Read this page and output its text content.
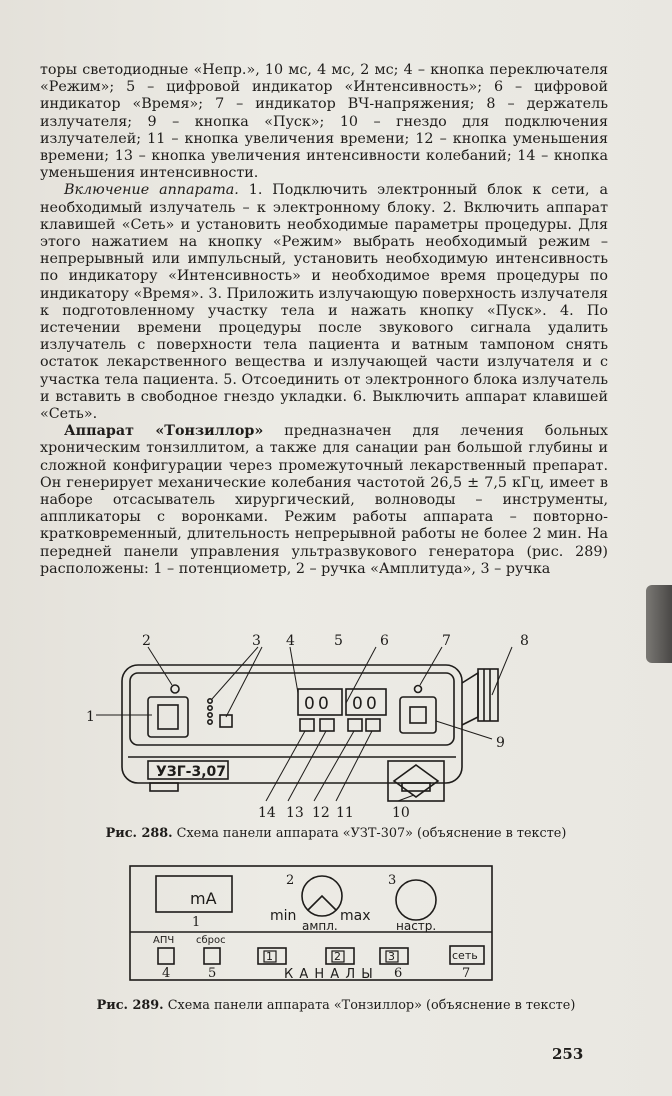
торы светодиодные «Непр.», 10 мс, 4 мс, 2 мс; 4 – кнопка переключателя «Режим»; 5 – цифровой индикатор «Интенсивность»; 6 – цифровой индикатор «Время»; 7 – индикатор ВЧ-напряжения; 8 – держатель излучателя; 9 – кнопка «Пуск»; 10 – гнездо для подключения излучателей; 11 – кнопка увеличения времени; 12 – кнопка уменьшения времени; 13 – кнопка увеличения интенсивности колебаний; 14 – кнопка уменьшения интенсивности.

Включение аппарата. 1. Подключить электронный блок к сети, а необходимый излучатель – к электронному блоку. 2. Включить аппарат клавишей «Сеть» и установить необходимые параметры процедуры. Для этого нажатием на кнопку «Режим» выбрать необходимый режим – непрерывный или импульсный, установить необходимую интенсивность по индикатору «Интенсивность» и необходимое время процедуры по индикатору «Время». 3. Приложить излучающую поверхность излучателя к подготовленному участку тела и нажать кнопку «Пуск». 4. По истечении времени процедуры после звукового сигнала удалить излучатель с поверхности тела пациента и ватным тампоном снять остаток лекарственного вещества и излучающей части излучателя и с участка тела пациента. 5. Отсоединить от электронного блока излучатель и вставить в свободное гнездо укладки. 6. Выключить аппарат клавишей «Сеть».

Аппарат «Тонзиллор» предназначен для лечения больных хроническим тонзиллитом, а также для санации ран большой глубины и сложной конфигурации через промежуточный лекарственный препарат. Он генерирует механические колебания частотой 26,5 ± 7,5 кГц, имеет в наборе отсасыватель хирургический, волноводы – инструменты, аппликаторы с воронками. Режим работы аппарата – повторно-кратковременный, длительность непрерывной работы не более 2 мин. На передней панели управления ультразвукового генератора (рис. 289) расположены: 1 – потенциометр, 2 – ручка «Амплитуда», 3 – ручка

УЗГ-3,07
0 0 0 0
2	3 4	5	6	7	8
1
9
14 13 12 11	10
Рис. 288. Схема панели аппарата «УЗТ-307» (объяснение в тексте)
mA
min	max
ампл.	настр.
АПЧ сброс
сеть
1	2	3
К А Н А Л Ы
1
2	3
4	5	6	7
Рис. 289. Схема панели аппарата «Тонзиллор» (объяснение в тексте)
253
